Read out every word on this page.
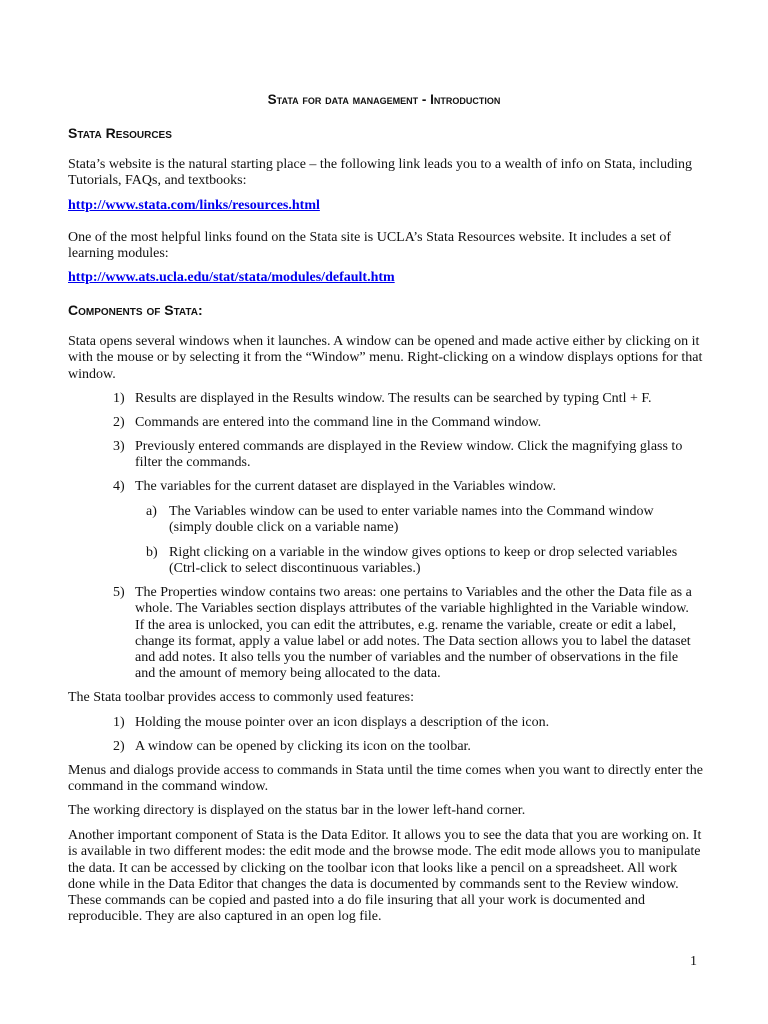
Stata for data management - Introduction
Stata Resources
Stata’s website is the natural starting place – the following link leads you to a wealth of info on Stata, including Tutorials, FAQs, and textbooks:
http://www.stata.com/links/resources.html
One of the most helpful links found on the Stata site is UCLA’s Stata Resources website. It includes a set of learning modules:
http://www.ats.ucla.edu/stat/stata/modules/default.htm
Components of Stata:
Stata opens several windows when it launches. A window can be opened and made active either by clicking on it with the mouse or by selecting it from the “Window” menu. Right-clicking on a window displays options for that window.
1) Results are displayed in the Results window. The results can be searched by typing Cntl + F.
2) Commands are entered into the command line in the Command window.
3) Previously entered commands are displayed in the Review window. Click the magnifying glass to filter the commands.
4) The variables for the current dataset are displayed in the Variables window.
a) The Variables window can be used to enter variable names into the Command window (simply double click on a variable name)
b) Right clicking on a variable in the window gives options to keep or drop selected variables (Ctrl-click to select discontinuous variables.)
5) The Properties window contains two areas: one pertains to Variables and the other the Data file as a whole. The Variables section displays attributes of the variable highlighted in the Variable window. If the area is unlocked, you can edit the attributes, e.g. rename the variable, create or edit a label, change its format, apply a value label or add notes. The Data section allows you to label the dataset and add notes. It also tells you the number of variables and the number of observations in the file and the amount of memory being allocated to the data.
The Stata toolbar provides access to commonly used features:
1) Holding the mouse pointer over an icon displays a description of the icon.
2) A window can be opened by clicking its icon on the toolbar.
Menus and dialogs provide access to commands in Stata until the time comes when you want to directly enter the command in the command window.
The working directory is displayed on the status bar in the lower left-hand corner.
Another important component of Stata is the Data Editor. It allows you to see the data that you are working on. It is available in two different modes: the edit mode and the browse mode. The edit mode allows you to manipulate the data. It can be accessed by clicking on the toolbar icon that looks like a pencil on a spreadsheet. All work done while in the Data Editor that changes the data is documented by commands sent to the Review window. These commands can be copied and pasted into a do file insuring that all your work is documented and reproducible. They are also captured in an open log file.
1
